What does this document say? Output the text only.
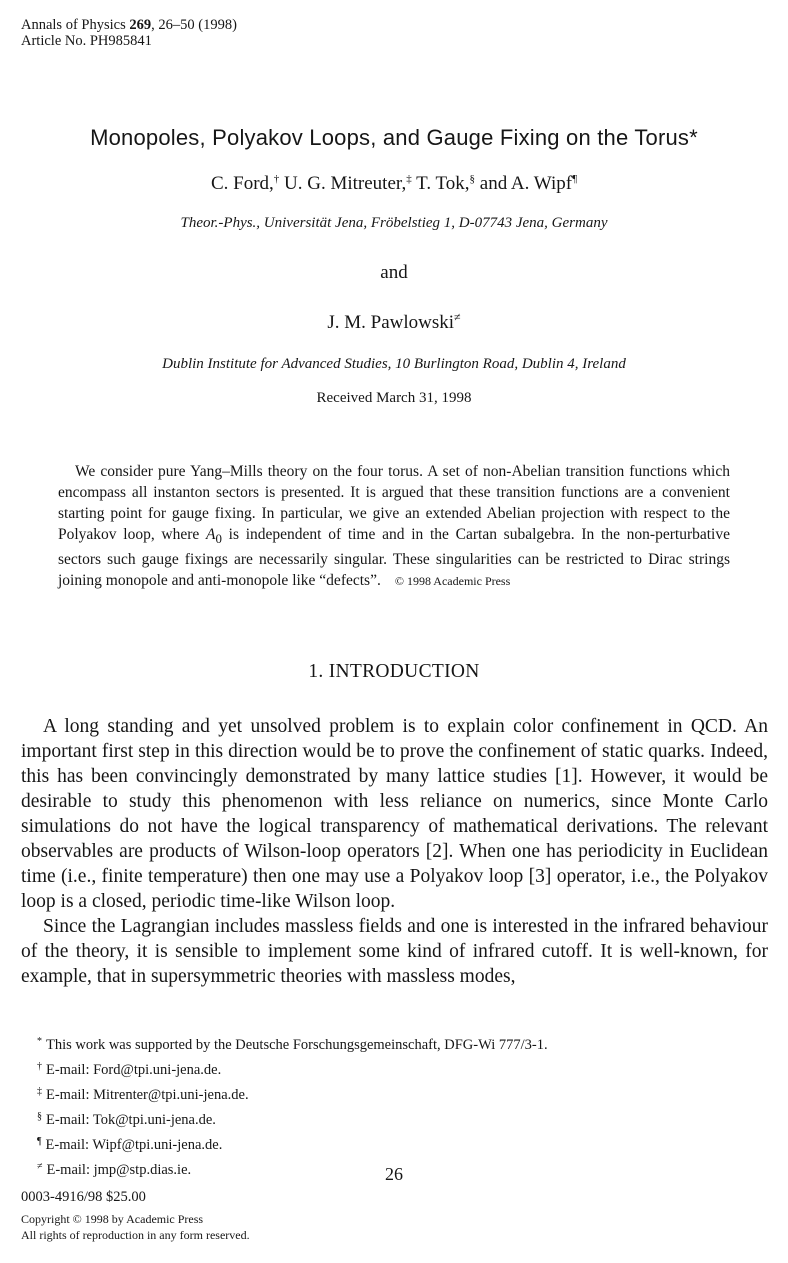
Annals of Physics 269, 26–50 (1998)
Article No. PH985841
Monopoles, Polyakov Loops, and Gauge Fixing on the Torus*
C. Ford,† U. G. Mitreuter,‡ T. Tok,§ and A. Wipf¶
Theor.-Phys., Universität Jena, Fröbelstieg 1, D-07743 Jena, Germany
and
J. M. Pawlowski≠
Dublin Institute for Advanced Studies, 10 Burlington Road, Dublin 4, Ireland
Received March 31, 1998

We consider pure Yang–Mills theory on the four torus. A set of non-Abelian transition functions which encompass all instanton sectors is presented. It is argued that these transition functions are a convenient starting point for gauge fixing. In particular, we give an extended Abelian projection with respect to the Polyakov loop, where $A_0$ is independent of time and in the Cartan subalgebra. In the non-perturbative sectors such gauge fixings are necessarily singular. These singularities can be restricted to Dirac strings joining monopole and anti-monopole like “defects”. © 1998 Academic Press

1. INTRODUCTION

A long standing and yet unsolved problem is to explain color confinement in QCD. An important first step in this direction would be to prove the confinement of static quarks. Indeed, this has been convincingly demonstrated by many lattice studies [1]. However, it would be desirable to study this phenomenon with less reliance on numerics, since Monte Carlo simulations do not have the logical transparency of mathematical derivations. The relevant observables are products of Wilson-loop operators [2]. When one has periodicity in Euclidean time (i.e., finite temperature) then one may use a Polyakov loop [3] operator, i.e., the Polyakov loop is a closed, periodic time-like Wilson loop.

Since the Lagrangian includes massless fields and one is interested in the infrared behaviour of the theory, it is sensible to implement some kind of infrared cutoff. It is well-known, for example, that in supersymmetric theories with massless modes,

* This work was supported by the Deutsche Forschungsgemeinschaft, DFG-Wi 777/3-1.
† E-mail: Ford@tpi.uni-jena.de.
‡ E-mail: Mitrenter@tpi.uni-jena.de.
§ E-mail: Tok@tpi.uni-jena.de.
¶ E-mail: Wipf@tpi.uni-jena.de.
≠ E-mail: jmp@stp.dias.ie.	26
0003-4916/98 $25.00
Copyright © 1998 by Academic Press
All rights of reproduction in any form reserved.
